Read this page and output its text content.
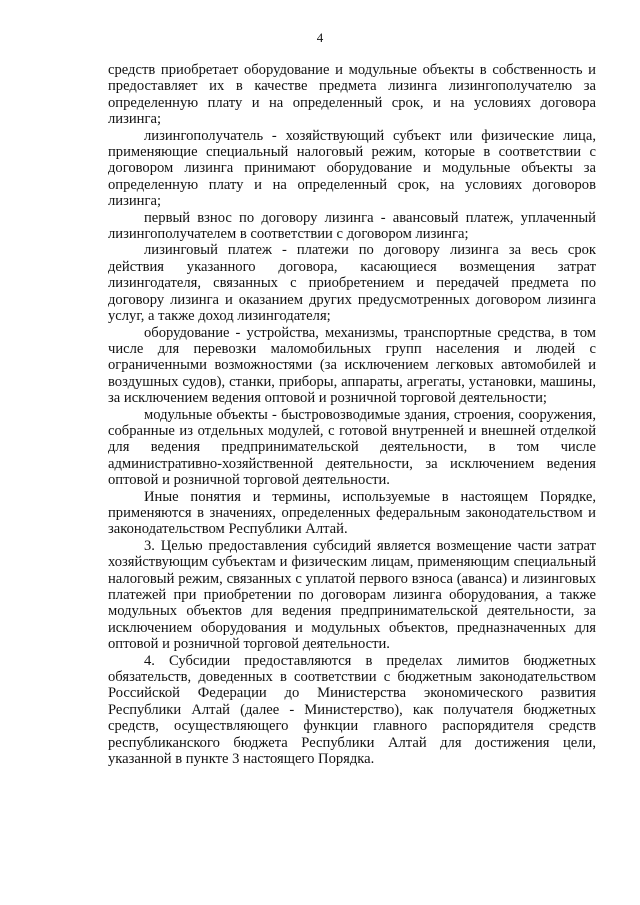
4

средств приобретает оборудование и модульные объекты в собственность и предоставляет их в качестве предмета лизинга лизингополучателю за определенную плату и на определенный срок, и на условиях договора лизинга;

лизингополучатель - хозяйствующий субъект или физические лица, применяющие специальный налоговый режим, которые в соответствии с договором лизинга принимают оборудование и модульные объекты за определенную плату и на определенный срок, на условиях договоров лизинга;

первый взнос по договору лизинга - авансовый платеж, уплаченный лизингополучателем в соответствии с договором лизинга;

лизинговый платеж - платежи по договору лизинга за весь срок действия указанного договора, касающиеся возмещения затрат лизингодателя, связанных с приобретением и передачей предмета по договору лизинга и оказанием других предусмотренных договором лизинга услуг, а также доход лизингодателя;

оборудование - устройства, механизмы, транспортные средства, в том числе для перевозки маломобильных групп населения и людей с ограниченными возможностями (за исключением легковых автомобилей и воздушных судов), станки, приборы, аппараты, агрегаты, установки, машины, за исключением ведения оптовой и розничной торговой деятельности;

модульные объекты - быстровозводимые здания, строения, сооружения, собранные из отдельных модулей, с готовой внутренней и внешней отделкой для ведения предпринимательской деятельности, в том числе административно-хозяйственной деятельности, за исключением ведения оптовой и розничной торговой деятельности.

Иные понятия и термины, используемые в настоящем Порядке, применяются в значениях, определенных федеральным законодательством и законодательством Республики Алтай.

3. Целью предоставления субсидий является возмещение части затрат хозяйствующим субъектам и физическим лицам, применяющим специальный налоговый режим, связанных с уплатой первого взноса (аванса) и лизинговых платежей при приобретении по договорам лизинга оборудования, а также модульных объектов для ведения предпринимательской деятельности, за исключением оборудования и модульных объектов, предназначенных для оптовой и розничной торговой деятельности.

4. Субсидии предоставляются в пределах лимитов бюджетных обязательств, доведенных в соответствии с бюджетным законодательством Российской Федерации до Министерства экономического развития Республики Алтай (далее - Министерство), как получателя бюджетных средств, осуществляющего функции главного распорядителя средств республиканского бюджета Республики Алтай для достижения цели, указанной в пункте 3 настоящего Порядка.
